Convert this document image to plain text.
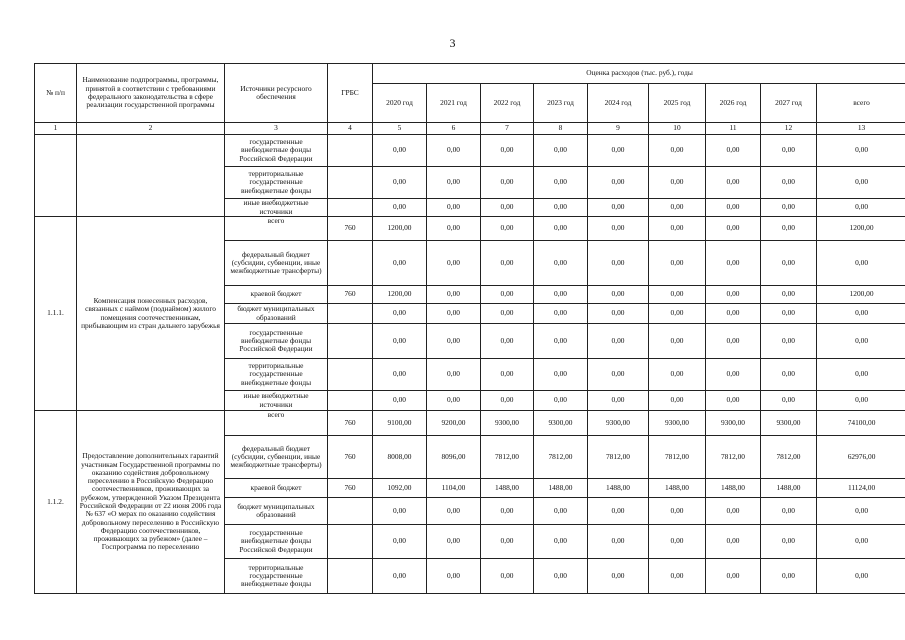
3
№ п/п	Наименование подпрограммы, программы, принятой в соответствии с требованиями федерального законодательства в сфере реализации государственной программы	Источники ресурсного обеспечения	ГРБС	Оценка расходов (тыс. руб.), годы								
				2020 год	2021 год	2022 год	2023 год	2024 год	2025 год	2026 год	2027 год	всего
1	2	3	4	5	6	7	8	9	10	11	12	13
		государственные внебюджетные фонды Российской Федерации		0,00	0,00	0,00	0,00	0,00	0,00	0,00	0,00	0,00
		территориальные государственные внебюджетные фонды		0,00	0,00	0,00	0,00	0,00	0,00	0,00	0,00	0,00
		иные внебюджетные источники		0,00	0,00	0,00	0,00	0,00	0,00	0,00	0,00	0,00
1.1.1.	Компенсация понесенных расходов, связанных с наймом (поднаймом) жилого помещения соотечественникам, прибывающим из стран дальнего зарубежья	всего	760	1200,00	0,00	0,00	0,00	0,00	0,00	0,00	0,00	1200,00
		федеральный бюджет (субсидии, субвенции, иные межбюджетные трансферты)		0,00	0,00	0,00	0,00	0,00	0,00	0,00	0,00	0,00
		краевой бюджет	760	1200,00	0,00	0,00	0,00	0,00	0,00	0,00	0,00	1200,00
		бюджет муниципальных образований		0,00	0,00	0,00	0,00	0,00	0,00	0,00	0,00	0,00
		государственные внебюджетные фонды Российской Федерации		0,00	0,00	0,00	0,00	0,00	0,00	0,00	0,00	0,00
		территориальные государственные внебюджетные фонды		0,00	0,00	0,00	0,00	0,00	0,00	0,00	0,00	0,00
		иные внебюджетные источники		0,00	0,00	0,00	0,00	0,00	0,00	0,00	0,00	0,00
1.1.2.	Предоставление дополнительных гарантий участникам Государственной программы по оказанию содействия добровольному переселению в Российскую Федерацию соотечественников, проживающих за рубежом, утвержденной Указом Президента Российской Федерации от 22 июня 2006 года № 637 «О мерах по оказанию содействия добровольному переселению в Российскую Федерацию соотечественников, проживающих за рубежом» (далее – Госпрограмма по переселению	всего	760	9100,00	9200,00	9300,00	9300,00	9300,00	9300,00	9300,00	9300,00	74100,00
		федеральный бюджет (субсидии, субвенции, иные межбюджетные трансферты)	760	8008,00	8096,00	7812,00	7812,00	7812,00	7812,00	7812,00	7812,00	62976,00
		краевой бюджет	760	1092,00	1104,00	1488,00	1488,00	1488,00	1488,00	1488,00	1488,00	11124,00
		бюджет муниципальных образований		0,00	0,00	0,00	0,00	0,00	0,00	0,00	0,00	0,00
		государственные внебюджетные фонды Российской Федерации		0,00	0,00	0,00	0,00	0,00	0,00	0,00	0,00	0,00
		территориальные государственные внебюджетные фонды		0,00	0,00	0,00	0,00	0,00	0,00	0,00	0,00	0,00
